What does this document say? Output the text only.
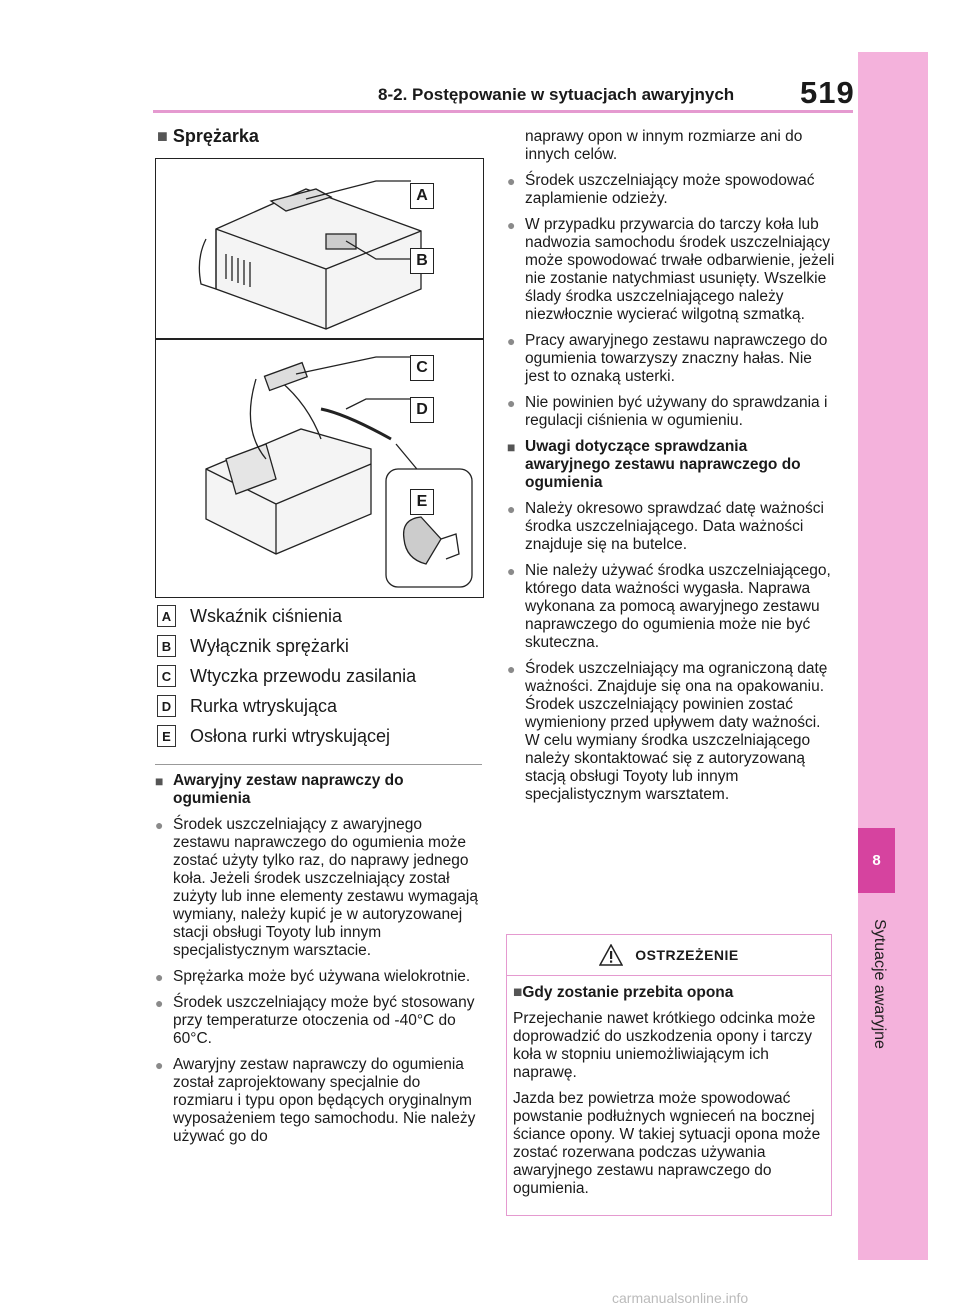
8-2. Postępowanie w sytuacjach awaryjnych 519
8
Sytuacje awaryjne
■ Sprężarka
A
B
C
D
E
A Wskaźnik ciśnienia
B Wyłącznik sprężarki
C Wtyczka przewodu zasilania
D Rurka wtryskująca
E Osłona rurki wtryskującej

■ Awaryjny zestaw naprawczy do ogumienia

● Środek uszczelniający z awaryjnego zestawu naprawczego do ogumienia może zostać użyty tylko raz, do naprawy jednego koła. Jeżeli środek uszczelniający został zużyty lub inne elementy zestawu wymagają wymiany, należy kupić je w autoryzowanej stacji obsługi Toyoty lub innym specjalistycznym warsztacie.

● Sprężarka może być używana wielokrotnie.

● Środek uszczelniający może być stosowany przy temperaturze otoczenia od -40°C do 60°C.

● Awaryjny zestaw naprawczy do ogumienia został zaprojektowany specjalnie do rozmiaru i typu opon będących oryginalnym wyposażeniem tego samochodu. Nie należy używać go do

naprawy opon w innym rozmiarze ani do innych celów.

● Środek uszczelniający może spowodować zaplamienie odzieży.

● W przypadku przywarcia do tarczy koła lub nadwozia samochodu środek uszczelniający może spowodować trwałe odbarwienie, jeżeli nie zostanie natychmiast usunięty. Wszelkie ślady środka uszczelniającego należy niezwłocznie wycierać wilgotną szmatką.

● Pracy awaryjnego zestawu naprawczego do ogumienia towarzyszy znaczny hałas. Nie jest to oznaką usterki.

● Nie powinien być używany do sprawdzania i regulacji ciśnienia w ogumieniu.

■ Uwagi dotyczące sprawdzania awaryjnego zestawu naprawczego do ogumienia

● Należy okresowo sprawdzać datę ważności środka uszczelniającego. Data ważności znajduje się na butelce.

● Nie należy używać środka uszczelniającego, którego data ważności wygasła. Naprawa wykonana za pomocą awaryjnego zestawu naprawczego do ogumienia może nie być skuteczna.

● Środek uszczelniający ma ograniczoną datę ważności. Znajduje się ona na opakowaniu. Środek uszczelniający powinien zostać wymieniony przed upływem daty ważności. W celu wymiany środka uszczelniającego należy skontaktować się z autoryzowaną stacją obsługi Toyoty lub innym specjalistycznym warsztatem.

OSTRZEŻENIE

■Gdy zostanie przebita opona

Przejechanie nawet krótkiego odcinka może doprowadzić do uszkodzenia opony i tarczy koła w stopniu uniemożliwiającym ich naprawę.

Jazda bez powietrza może spowodować powstanie podłużnych wgnieceń na bocznej ściance opony. W takiej sytuacji opona może zostać rozerwana podczas używania awaryjnego zestawu naprawczego do ogumienia.

carmanualsonline.info
